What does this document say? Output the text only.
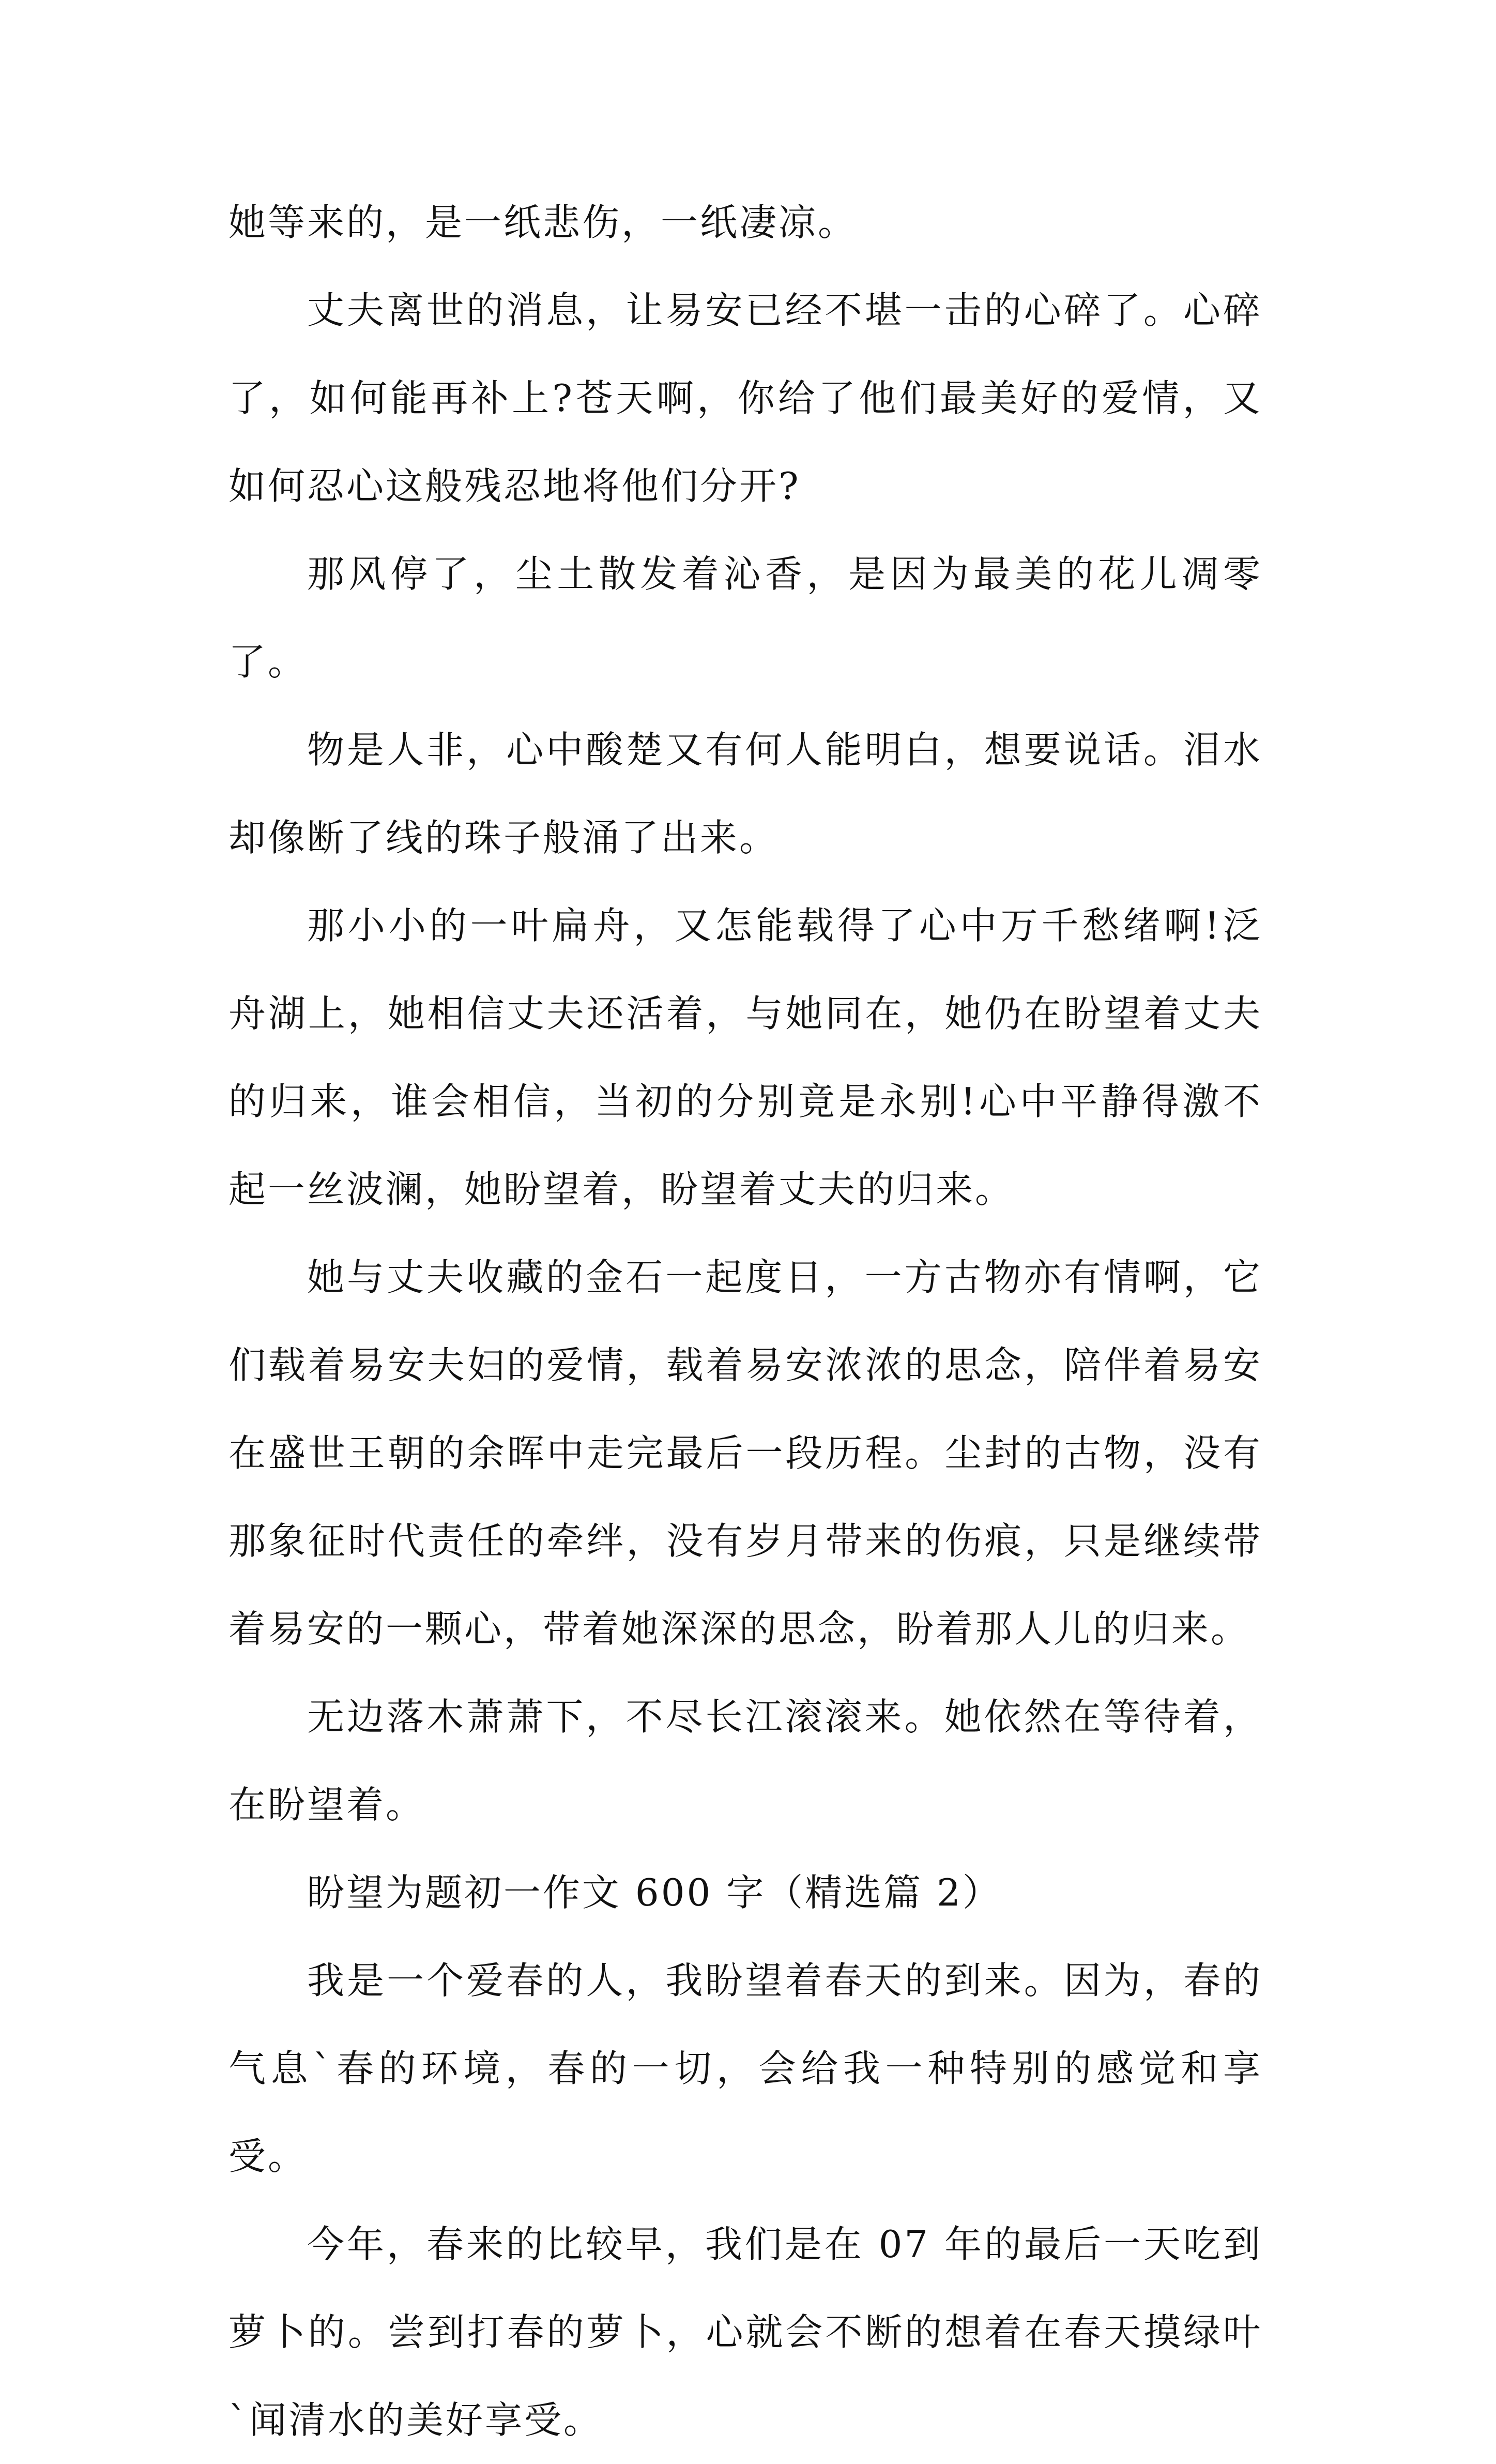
她等来的，是一纸悲伤，一纸凄凉。

丈夫离世的消息，让易安已经不堪一击的心碎了。心碎了，如何能再补上?苍天啊，你给了他们最美好的爱情，又如何忍心这般残忍地将他们分开?

那风停了，尘土散发着沁香，是因为最美的花儿凋零了。

物是人非，心中酸楚又有何人能明白，想要说话。泪水却像断了线的珠子般涌了出来。

那小小的一叶扁舟，又怎能载得了心中万千愁绪啊!泛舟湖上，她相信丈夫还活着，与她同在，她仍在盼望着丈夫的归来，谁会相信，当初的分别竟是永别!心中平静得激不起一丝波澜，她盼望着，盼望着丈夫的归来。

她与丈夫收藏的金石一起度日，一方古物亦有情啊，它们载着易安夫妇的爱情，载着易安浓浓的思念，陪伴着易安在盛世王朝的余晖中走完最后一段历程。尘封的古物，没有那象征时代责任的牵绊，没有岁月带来的伤痕，只是继续带着易安的一颗心，带着她深深的思念，盼着那人儿的归来。

无边落木萧萧下，不尽长江滚滚来。她依然在等待着，在盼望着。

盼望为题初一作文 600 字（精选篇 2）

我是一个爱春的人，我盼望着春天的到来。因为，春的气息`春的环境，春的一切，会给我一种特别的感觉和享受。

今年，春来的比较早，我们是在 07 年的最后一天吃到萝卜的。尝到打春的萝卜，心就会不断的想着在春天摸绿叶`闻清水的美好享受。
